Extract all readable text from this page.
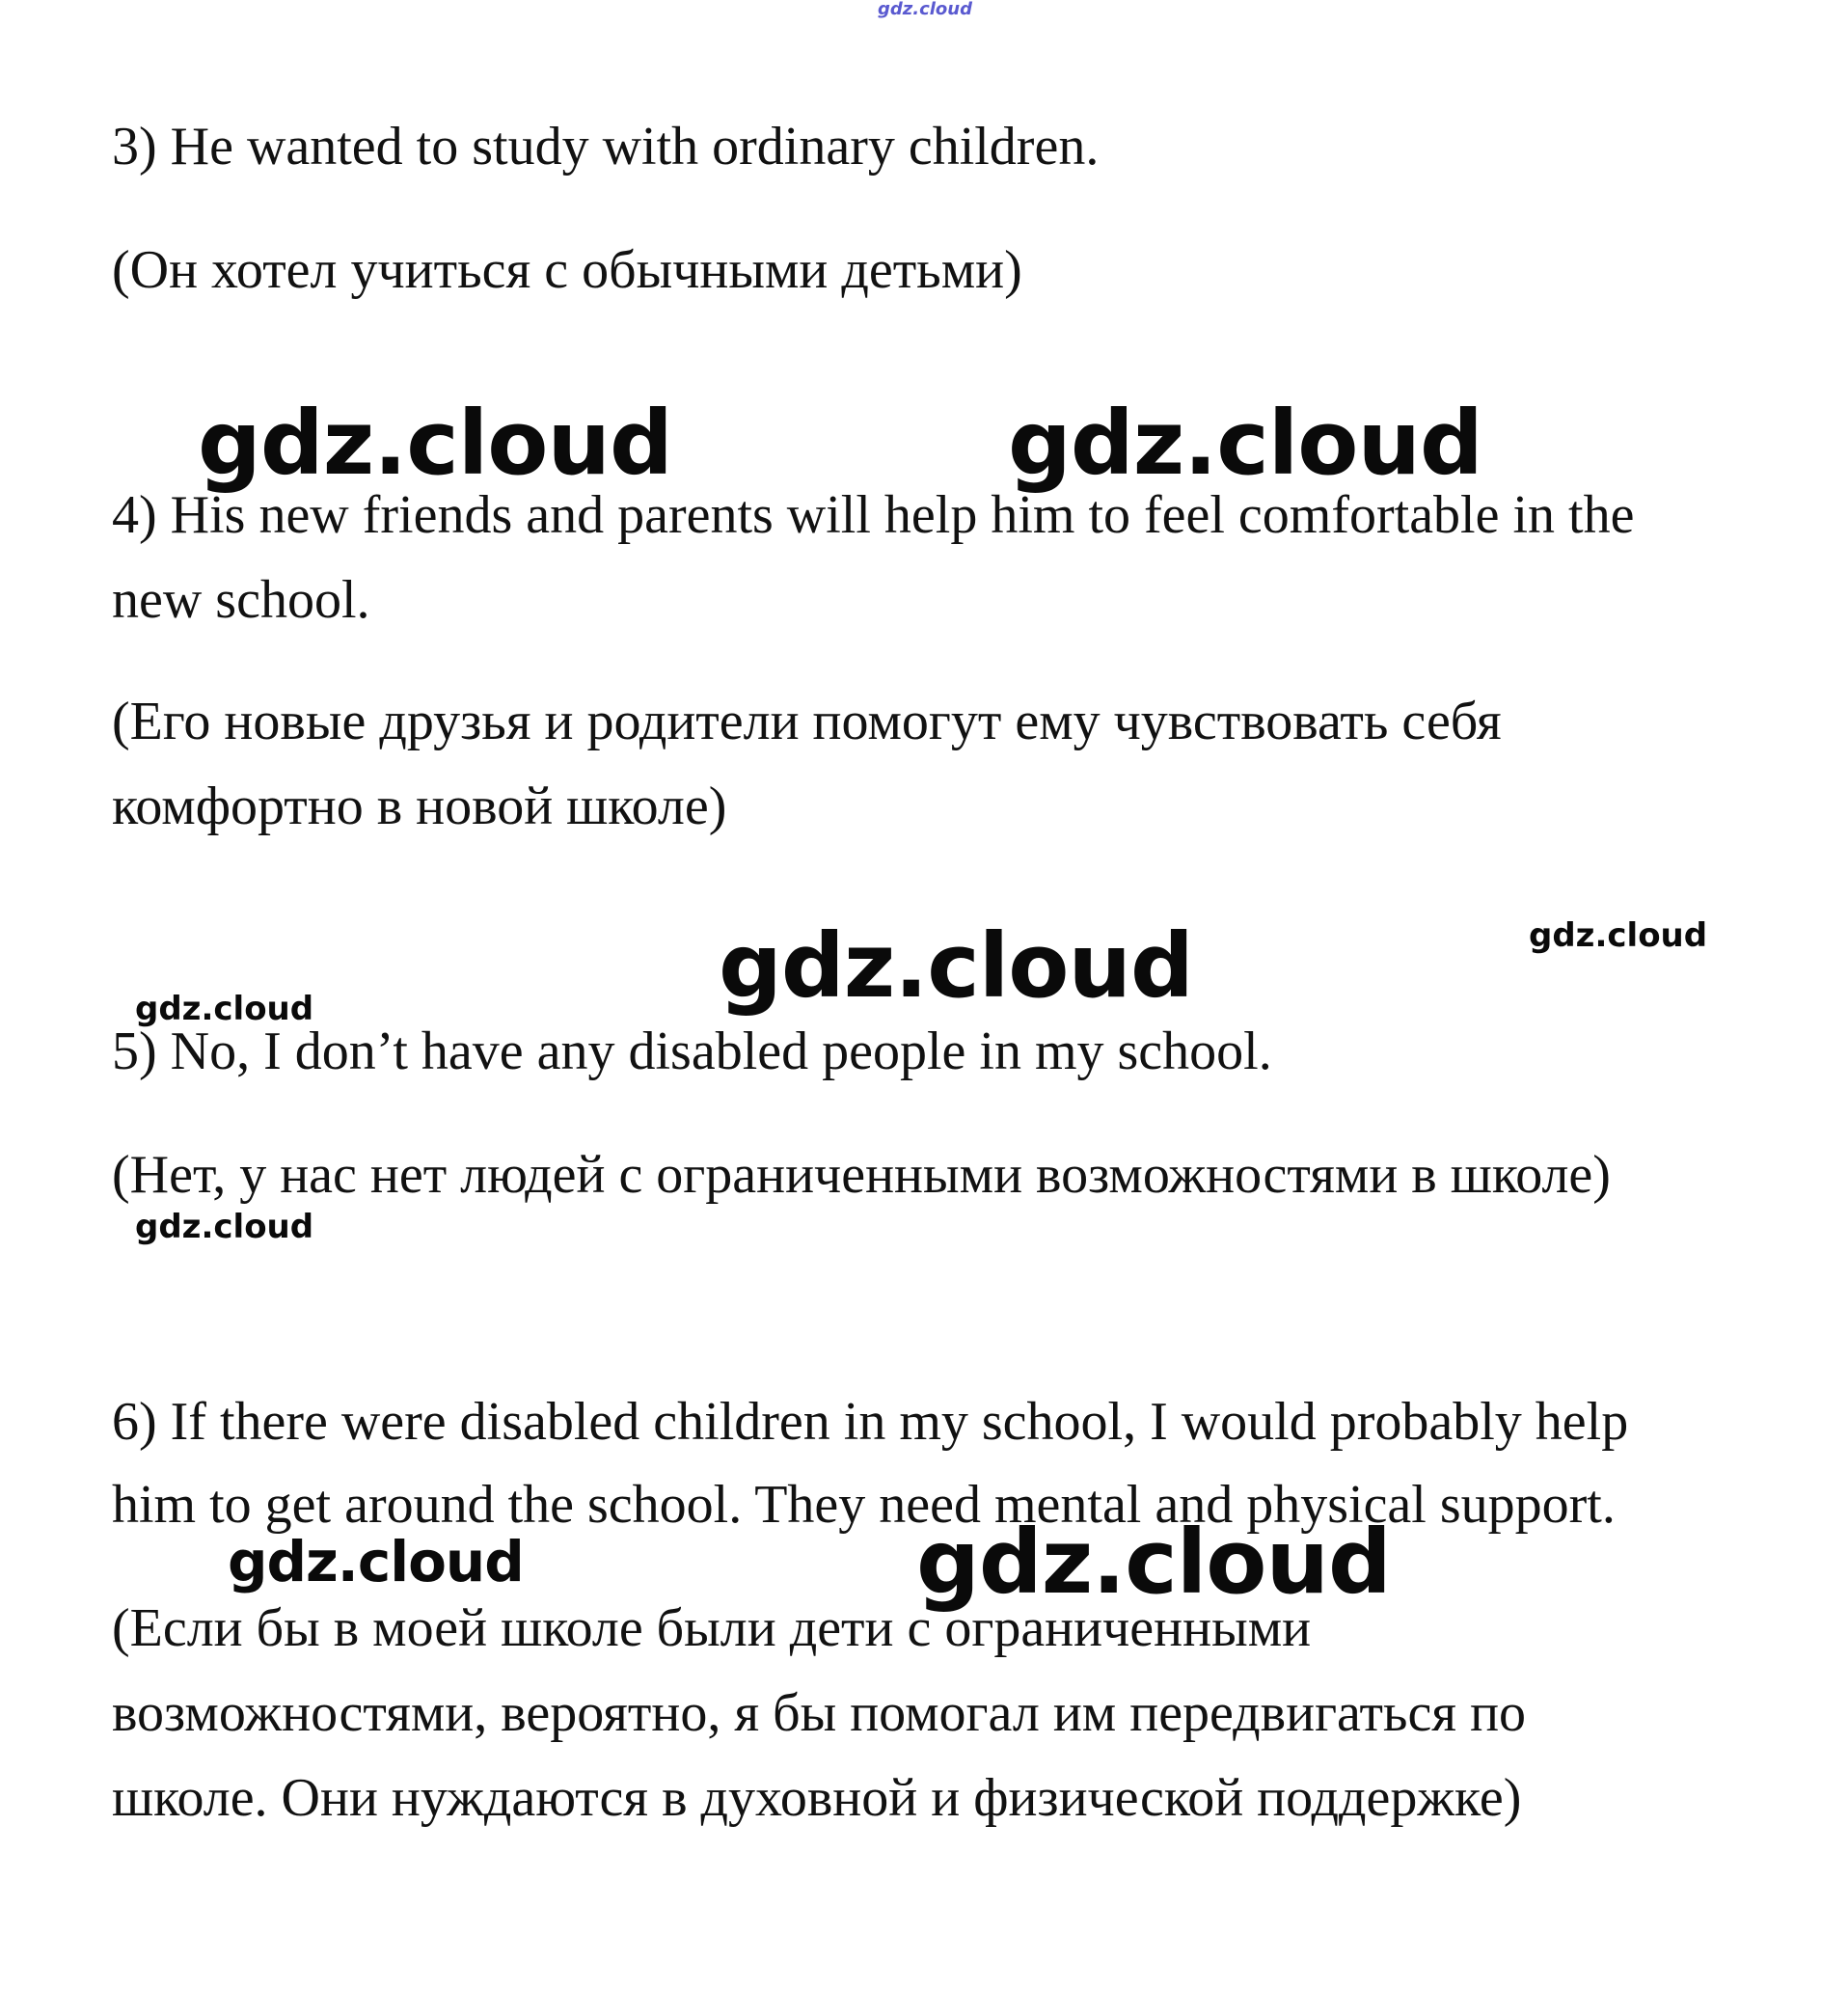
gdz.cloud

3) He wanted to study with ordinary children.

(Он хотел учиться с обычными детьми)

gdz.cloud	gdz.cloud

4) His new friends and parents will help him to feel comfortable in the

new school.

(Его новые друзья и родители помогут ему чувствовать себя

комфортно в новой школе)

gdz.cloud
gdz.cloud
gdz.cloud

5) No, I don’t have any disabled people in my school.

(Нет, у нас нет людей с ограниченными возможностями в школе)

gdz.cloud

6) If there were disabled children in my school, I would probably help

him to get around the school. They need mental and physical support.

gdz.cloud	gdz.cloud

(Если бы в моей школе были дети с ограниченными

возможностями, вероятно, я бы помогал им передвигаться по

школе. Они нуждаются в духовной и физической поддержке)
